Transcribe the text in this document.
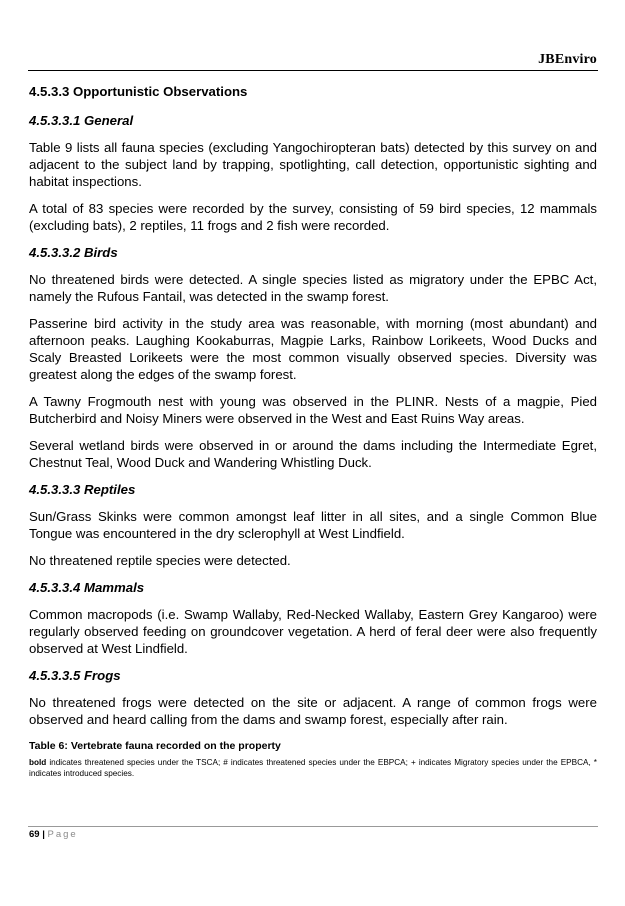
JBEnviro
4.5.3.3 Opportunistic Observations
4.5.3.3.1 General

Table 9 lists all fauna species (excluding Yangochiropteran bats) detected by this survey on and adjacent to the subject land by trapping, spotlighting, call detection, opportunistic sighting and habitat inspections.

A total of 83 species were recorded by the survey, consisting of 59 bird species, 12 mammals (excluding bats), 2 reptiles, 11 frogs and 2 fish were recorded.

4.5.3.3.2 Birds

No threatened birds were detected. A single species listed as migratory under the EPBC Act, namely the Rufous Fantail, was detected in the swamp forest.

Passerine bird activity in the study area was reasonable, with morning (most abundant) and afternoon peaks. Laughing Kookaburras, Magpie Larks, Rainbow Lorikeets, Wood Ducks and Scaly Breasted Lorikeets were the most common visually observed species. Diversity was greatest along the edges of the swamp forest.

A Tawny Frogmouth nest with young was observed in the PLINR. Nests of a magpie, Pied Butcherbird and Noisy Miners were observed in the West and East Ruins Way areas.

Several wetland birds were observed in or around the dams including the Intermediate Egret, Chestnut Teal, Wood Duck and Wandering Whistling Duck.

4.5.3.3.3 Reptiles

Sun/Grass Skinks were common amongst leaf litter in all sites, and a single Common Blue Tongue was encountered in the dry sclerophyll at West Lindfield.

No threatened reptile species were detected.

4.5.3.3.4 Mammals

Common macropods (i.e. Swamp Wallaby, Red-Necked Wallaby, Eastern Grey Kangaroo) were regularly observed feeding on groundcover vegetation. A herd of feral deer were also frequently observed at West Lindfield.

4.5.3.3.5 Frogs

No threatened frogs were detected on the site or adjacent. A range of common frogs were observed and heard calling from the dams and swamp forest, especially after rain.

Table 6: Vertebrate fauna recorded on the property

bold indicates threatened species under the TSCA; # indicates threatened species under the EBPCA; + indicates Migratory species under the EPBCA, * indicates introduced species.

69 | Page
